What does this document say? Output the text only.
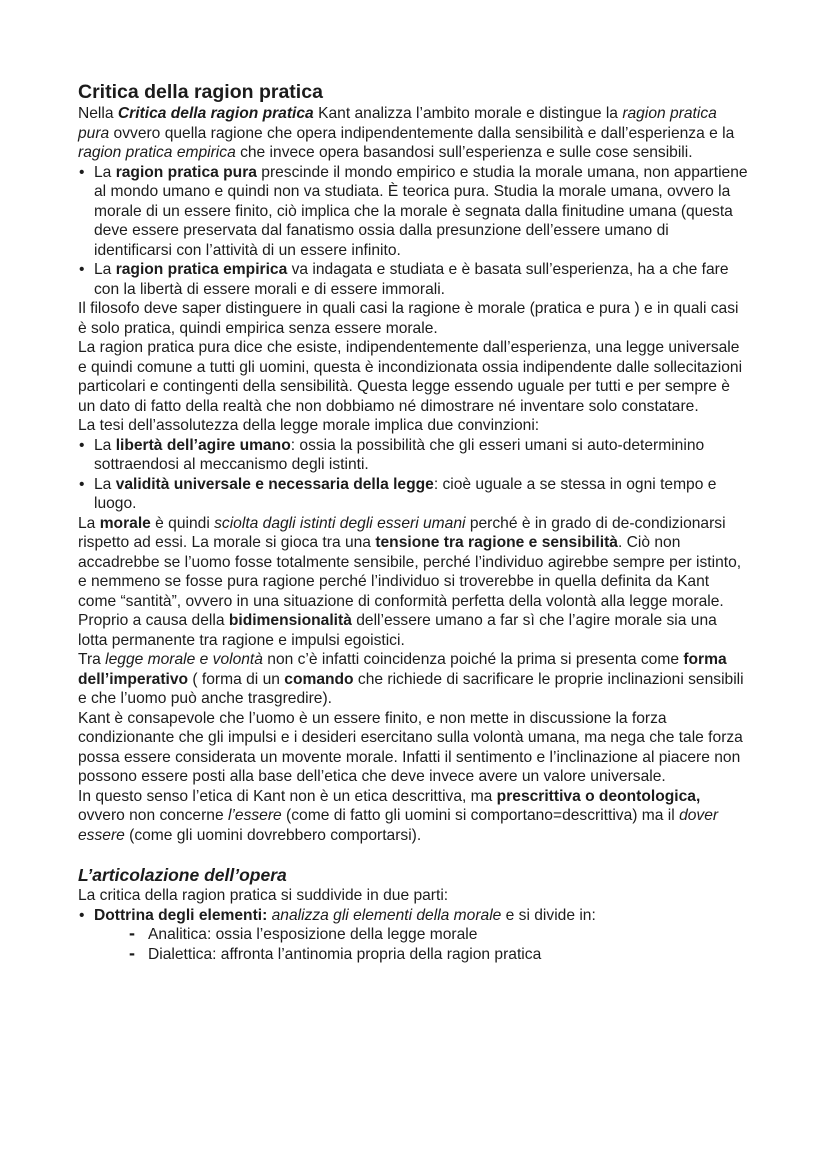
Critica della ragion pratica

Nella Critica della ragion pratica Kant analizza l’ambito morale e distingue la ragion pratica pura ovvero quella ragione che opera indipendentemente dalla sensibilità e dall’esperienza e la ragion pratica empirica che invece opera basandosi sull’esperienza e sulle cose sensibili.

• La ragion pratica pura prescinde il mondo empirico e studia la morale umana, non appartiene al mondo umano e quindi non va studiata. È teorica pura. Studia la morale umana, ovvero la morale di un essere finito, ciò implica che la morale è segnata dalla finitudine umana (questa deve essere preservata dal fanatismo ossia dalla presunzione dell’essere umano di identificarsi con l’attività di un essere infinito.
• La ragion pratica empirica va indagata e studiata e è basata sull’esperienza, ha a che fare con la libertà di essere morali e di essere immorali.

Il filosofo deve saper distinguere in quali casi la ragione è morale (pratica e pura ) e in quali casi è solo pratica, quindi empirica senza essere morale.

La ragion pratica pura dice che esiste, indipendentemente dall’esperienza, una legge universale e quindi comune a tutti gli uomini, questa è incondizionata ossia indipendente dalle sollecitazioni particolari e contingenti della sensibilità. Questa legge essendo uguale per tutti e per sempre è un dato di fatto della realtà che non dobbiamo né dimostrare né inventare solo constatare.

La tesi dell’assolutezza della legge morale implica due convinzioni:

• La libertà dell’agire umano: ossia la possibilità che gli esseri umani si auto-determinino sottraendosi al meccanismo degli istinti.
• La validità universale e necessaria della legge: cioè uguale a se stessa in ogni tempo e luogo.

La morale è quindi sciolta dagli istinti degli esseri umani perché è in grado di de-condizionarsi rispetto ad essi. La morale si gioca tra una tensione tra ragione e sensibilità. Ciò non accadrebbe se l’uomo fosse totalmente sensibile, perché l’individuo agirebbe sempre per istinto, e nemmeno se fosse pura ragione perché l’individuo si troverebbe in quella definita da Kant come “santità”, ovvero in una situazione di conformità perfetta della volontà alla legge morale. Proprio a causa della bidimensionalità dell’essere umano a far sì che l’agire morale sia una lotta permanente tra ragione e impulsi egoistici.

Tra legge morale e volontà non c’è infatti coincidenza poiché la prima si presenta come forma dell’imperativo ( forma di un comando che richiede di sacrificare le proprie inclinazioni sensibili e che l’uomo può anche trasgredire).

Kant è consapevole che l’uomo è un essere finito, e non mette in discussione la forza condizionante che gli impulsi e i desideri esercitano sulla volontà umana, ma nega che tale forza possa essere considerata un movente morale. Infatti il sentimento e l’inclinazione al piacere non possono essere posti alla base dell’etica che deve invece avere un valore universale.

In questo senso l’etica di Kant non è un etica descrittiva, ma prescrittiva o deontologica, ovvero non concerne l’essere (come di fatto gli uomini si comportano=descrittiva) ma il dover essere (come gli uomini dovrebbero comportarsi).

L’articolazione dell’opera

La critica della ragion pratica si suddivide in due parti:

• Dottrina degli elementi: analizza gli elementi della morale e si divide in:
- Analitica: ossia l’esposizione della legge morale
- Dialettica: affronta l’antinomia propria della ragion pratica
